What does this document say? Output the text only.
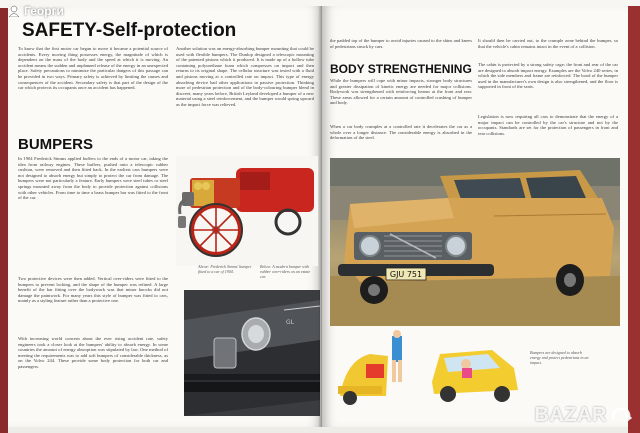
SAFETY-Self-protection

To know that the first motor car began to move it became a potential source of accidents. Every moving thing possesses energy, the magnitude of which is dependent on the mass of the body and the speed at which it is moving. An accident means the sudden and unplanned release of the energy in an unexpected place. Safety precautions to minimize the particular dangers of this passage can be provided in two ways. Primary safety is achieved by limiting the causes and consequences of the accident. Secondary safety is that part of the design of the car which protects its occupants once an accident has happened.

Another solution was an energy-absorbing bumper mounting that could be used with flexible bumpers. The Dunlop designed a telescopic mounting of the patented pistons which it produced. It is made up of a hollow tube containing polyurethane foam which compresses on impact and then returns to its original shape. The cellular structure was tested with a fluid and pistons moving at a controlled rate on impact. This type of energy absorbing device had other applications in passive protection. Thinking more of pedestrian protection and of the body-colouring bumper blend in discreet, many years before, British Leyland developed a bumper of a new material using a steel reinforcement, and the bumper would spring upward as the impact force was relieved.

BUMPERS

In 1904 Frederick Simms applied buffers to the ends of a motor car, taking the idea from railway engines. These buffers, pushed onto a telescopic rubber cushion, were removed and then fitted back. In the earliest cars bumpers were not designed to absorb energy but simply to protect the car from damage. The bumpers were not particularly a feature. Early bumpers were steel tubes or steel springs mounted away from the body to provide protection against collisions with other vehicles. From time to time a brass bumper bar was fitted to the front of the car.

Two protective devices were then added. Vertical over-riders were fitted to the bumpers to prevent locking, and the shape of the bumper was refined. A large benefit of the bar fitting over the bodywork was that minor knocks did not damage the paintwork. For many years this style of bumper was fitted to cars, mainly as a styling feature rather than a protective one.

With increasing world concern about the ever rising accident rate, safety engineers took a closer look at the bumpers' ability to absorb energy. In some countries the amount of energy absorption was stipulated by law. One method of meeting the requirements was to add soft bumpers of considerable thickness, as on the Volvo 244. These provide some body protection for both car and passengers.

Above: Frederick Simms' bumper fitted to a car of 1904.

Below: A modern bumper with rubber over-riders on an estate car.

GL

the padded top of the bumper to avoid injuries caused to the shins and knees of pedestrians struck by cars.

BODY STRENGTHENING

While the bumpers will cope with minor impacts, stronger body structures and greater dissipation of kinetic energy are needed for major collisions. Bodywork was strengthened with reinforcing beams at the front and rear. These areas allowed for a certain amount of controlled crushing of bumper and body.

When a car body crumples at a controlled rate it decelerates the car as a whole over a longer distance. The considerable energy is absorbed in the deformation of the steel.

It should then be carried out, to the crumple zone behind the bumper, so that the vehicle's cabin remains intact in the event of a collision.

The cabin is protected by a strong safety cage; the front and rear of the car are designed to absorb impact energy. Examples are the Volvo 240 series, in which the side members and frame are reinforced. The hood of the bumper used in the manufacturer's own design is also strengthened, and the floor is supported in front of the seats.

Legislation is now requiring all cars to demonstrate that the energy of a major impact can be controlled by the car's structure and not by the occupants. Standards are set for the protection of passengers in front and rear collisions.

GJU 751

Bumpers are designed to absorb energy and protect pedestrians in an impact.

Георги
BAZAR
